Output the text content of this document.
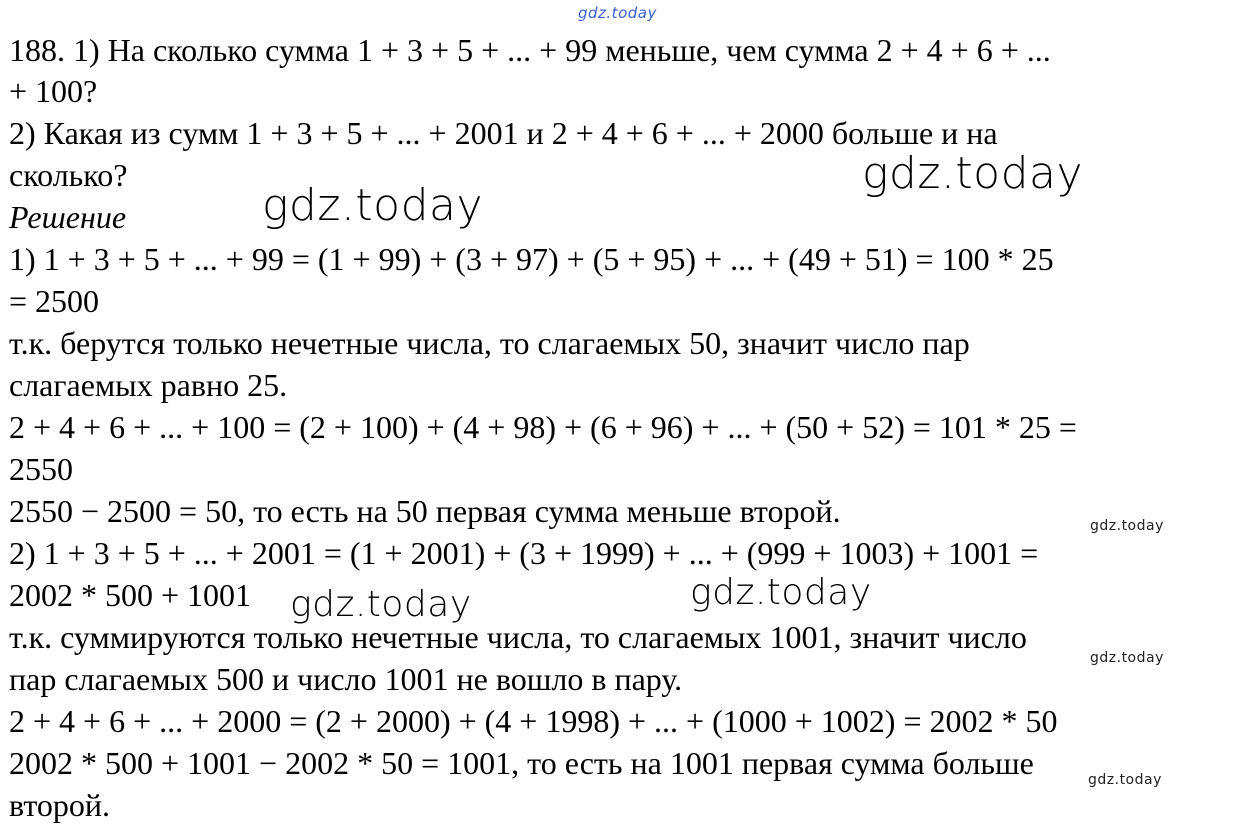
gdz.today
188. 1) На сколько сумма 1 + 3 + 5 + ... + 99 меньше, чем сумма 2 + 4 + 6 + ...
+ 100?
2) Какая из сумм 1 + 3 + 5 + ... + 2001 и 2 + 4 + 6 + ... + 2000 больше и на
сколько?
Решение
1) 1 + 3 + 5 + ... + 99 = (1 + 99) + (3 + 97) + (5 + 95) + ... + (49 + 51) = 100 * 25
= 2500
т.к. берутся только нечетные числа, то слагаемых 50, значит число пар
слагаемых равно 25.
2 + 4 + 6 + ... + 100 = (2 + 100) + (4 + 98) + (6 + 96) + ... + (50 + 52) = 101 * 25 =
2550
2550 − 2500 = 50, то есть на 50 первая сумма меньше второй.
2) 1 + 3 + 5 + ... + 2001 = (1 + 2001) + (3 + 1999) + ... + (999 + 1003) + 1001 =
2002 * 500 + 1001
т.к. суммируются только нечетные числа, то слагаемых 1001, значит число
пар слагаемых 500 и число 1001 не вошло в пару.
2 + 4 + 6 + ... + 2000 = (2 + 2000) + (4 + 1998) + ... + (1000 + 1002) = 2002 * 50
2002 * 500 + 1001 − 2002 * 50 = 1001, то есть на 1001 первая сумма больше
второй.
gdz.today
gdz.today
gdz.today
gdz.today
gdz.today
gdz.today
gdz.today
